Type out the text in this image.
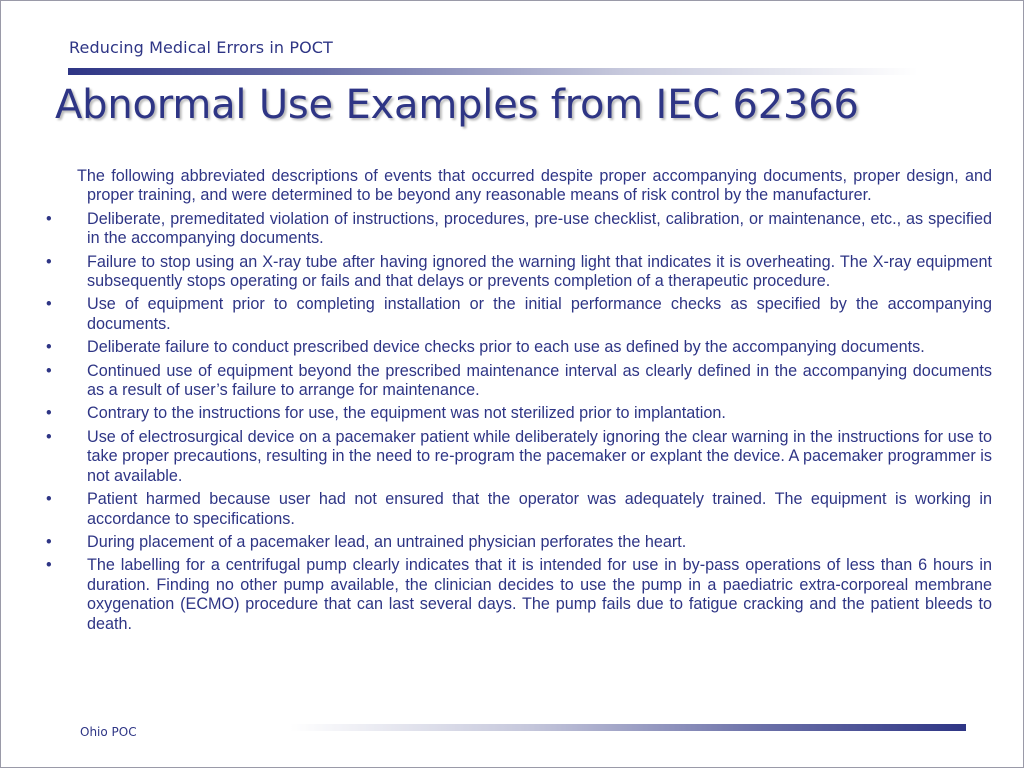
Reducing Medical Errors in POCT
Abnormal Use Examples from IEC 62366

The following abbreviated descriptions of events that occurred despite proper accompanying documents, proper design, and proper training, and were determined to be beyond any reasonable means of risk control by the manufacturer.

• Deliberate, premeditated violation of instructions, procedures, pre-use checklist, calibration, or maintenance, etc., as specified in the accompanying documents.
• Failure to stop using an X-ray tube after having ignored the warning light that indicates it is overheating. The X-ray equipment subsequently stops operating or fails and that delays or prevents completion of a therapeutic procedure.
• Use of equipment prior to completing installation or the initial performance checks as specified by the accompanying documents.
• Deliberate failure to conduct prescribed device checks prior to each use as defined by the accompanying documents.
• Continued use of equipment beyond the prescribed maintenance interval as clearly defined in the accompanying documents as a result of user’s failure to arrange for maintenance.
• Contrary to the instructions for use, the equipment was not sterilized prior to implantation.
• Use of electrosurgical device on a pacemaker patient while deliberately ignoring the clear warning in the instructions for use to take proper precautions, resulting in the need to re-program the pacemaker or explant the device. A pacemaker programmer is not available.
• Patient harmed because user had not ensured that the operator was adequately trained. The equipment is working in accordance to specifications.
• During placement of a pacemaker lead, an untrained physician perforates the heart.
• The labelling for a centrifugal pump clearly indicates that it is intended for use in by-pass operations of less than 6 hours in duration. Finding no other pump available, the clinician decides to use the pump in a paediatric extra-corporeal membrane oxygenation (ECMO) procedure that can last several days. The pump fails due to fatigue cracking and the patient bleeds to death.
Ohio POC
